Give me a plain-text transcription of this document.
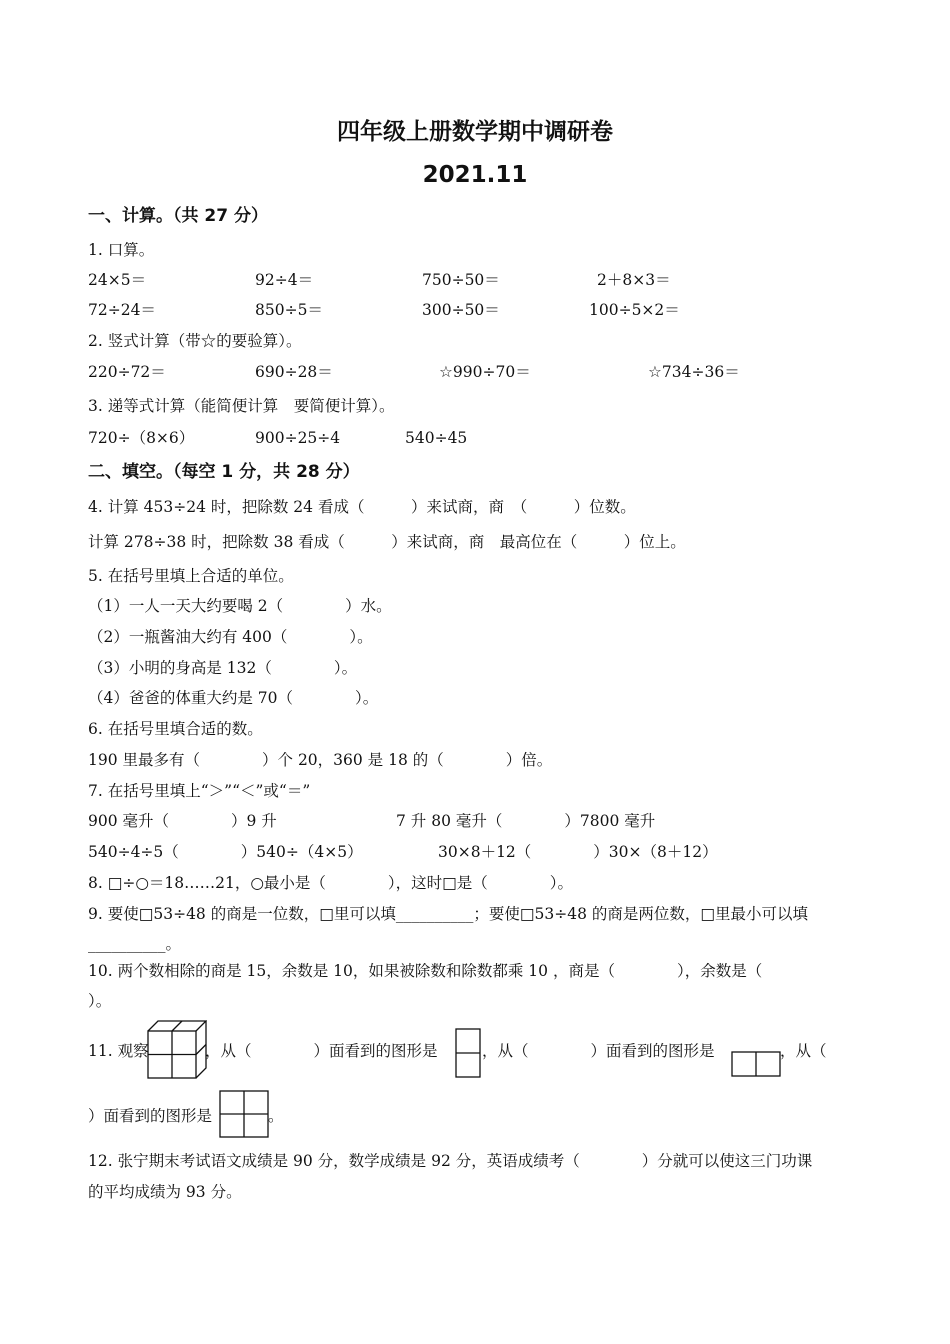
四年级上册数学期中调研卷
2021.11
一、计算。（共 27 分）
1. 口算。
24×5＝	92÷4＝	750÷50＝	2＋8×3＝
72÷24＝	850÷5＝	300÷50＝	100÷5×2＝
2. 竖式计算（带☆的要验算）。
220÷72＝	690÷28＝	☆990÷70＝	☆734÷36＝
3. 递等式计算（能简便计算　要简便计算）。
720÷（8×6）	900÷25÷4	540÷45
二、填空。（每空 1 分，共 28 分）
4. 计算 453÷24 时，把除数 24 看成（　　　）来试商，商　（　　　）位数。
计算 278÷38 时，把除数 38 看成（　　　）来试商，商　最高位在（　　　）位上。
5. 在括号里填上合适的单位。
（1）一人一天大约要喝 2（　　　　）水。
（2）一瓶酱油大约有 400（　　　　）。
（3）小明的身高是 132（　　　　）。
（4）爸爸的体重大约是 70（　　　　）。
6. 在括号里填合适的数。
190 里最多有（　　　　）个 20，360 是 18 的（　　　　）倍。
7. 在括号里填上“＞”“＜”或“＝”
900 毫升（　　　　）9 升	7 升 80 毫升（　　　　）7800 毫升
540÷4÷5（　　　　）540÷（4×5）	30×8＋12（　　　　）30×（8＋12）
8. □÷○＝18……21，○最小是（　　　　），这时□是（　　　　）。
9. 要使□53÷48 的商是一位数，□里可以填__________；要使□53÷48 的商是两位数，□里最小可以填
__________。
10. 两个数相除的商是 15，余数是 10，如果被除数和除数都乘 10 ，商是（　　　　），余数是（
）。
11. 观察	，从（　　　　）面看到的图形是	，从（　　　　）面看到的图形是	，从（
）面看到的图形是	。
12. 张宁期末考试语文成绩是 90 分，数学成绩是 92 分，英语成绩考（　　　　）分就可以使这三门功课
的平均成绩为 93 分。
